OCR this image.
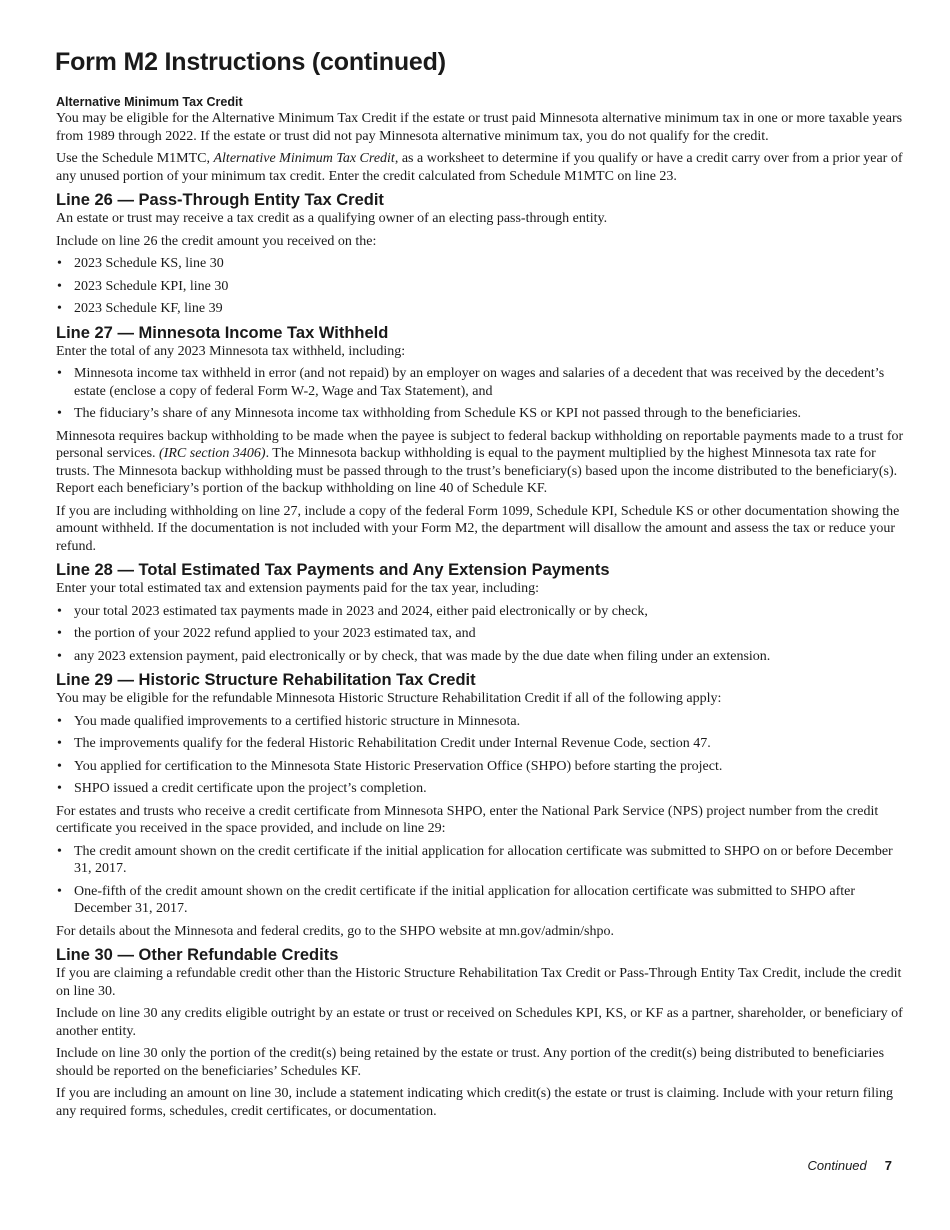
Form M2 Instructions (continued)
Alternative Minimum Tax Credit

You may be eligible for the Alternative Minimum Tax Credit if the estate or trust paid Minnesota alternative minimum tax in one or more taxable years from 1989 through 2022. If the estate or trust did not pay Minnesota alternative minimum tax, you do not qualify for the credit.

Use the Schedule M1MTC, Alternative Minimum Tax Credit, as a worksheet to determine if you qualify or have a credit carry over from a prior year of any unused portion of your minimum tax credit. Enter the credit calculated from Schedule M1MTC on line 23.

Line 26 — Pass-Through Entity Tax Credit

An estate or trust may receive a tax credit as a qualifying owner of an electing pass-through entity.

Include on line 26 the credit amount you received on the:

• 2023 Schedule KS, line 30
• 2023 Schedule KPI, line 30
• 2023 Schedule KF, line 39
Line 27 — Minnesota Income Tax Withheld

Enter the total of any 2023 Minnesota tax withheld, including:

• Minnesota income tax withheld in error (and not repaid) by an employer on wages and salaries of a decedent that was received by the decedent’s estate (enclose a copy of federal Form W-2, Wage and Tax Statement), and
• The fiduciary’s share of any Minnesota income tax withholding from Schedule KS or KPI not passed through to the beneficiaries.

Minnesota requires backup withholding to be made when the payee is subject to federal backup withholding on reportable payments made to a trust for personal services. (IRC section 3406). The Minnesota backup withholding is equal to the payment multiplied by the highest Minnesota tax rate for trusts. The Minnesota backup withholding must be passed through to the trust’s beneficiary(s) based upon the income distributed to the beneficiary(s). Report each beneficiary’s portion of the backup withholding on line 40 of Schedule KF.

If you are including withholding on line 27, include a copy of the federal Form 1099, Schedule KPI, Schedule KS or other documentation showing the amount withheld. If the documentation is not included with your Form M2, the department will disallow the amount and assess the tax or reduce your refund.

Line 28 — Total Estimated Tax Payments and Any Extension Payments

Enter your total estimated tax and extension payments paid for the tax year, including:

• your total 2023 estimated tax payments made in 2023 and 2024, either paid electronically or by check,
• the portion of your 2022 refund applied to your 2023 estimated tax, and
• any 2023 extension payment, paid electronically or by check, that was made by the due date when filing under an extension.
Line 29 — Historic Structure Rehabilitation Tax Credit

You may be eligible for the refundable Minnesota Historic Structure Rehabilitation Credit if all of the following apply:

• You made qualified improvements to a certified historic structure in Minnesota.
• The improvements qualify for the federal Historic Rehabilitation Credit under Internal Revenue Code, section 47.
• You applied for certification to the Minnesota State Historic Preservation Office (SHPO) before starting the project.
• SHPO issued a credit certificate upon the project’s completion.

For estates and trusts who receive a credit certificate from Minnesota SHPO, enter the National Park Service (NPS) project number from the credit certificate you received in the space provided, and include on line 29:

• The credit amount shown on the credit certificate if the initial application for allocation certificate was submitted to SHPO on or before December 31, 2017.
• One-fifth of the credit amount shown on the credit certificate if the initial application for allocation certificate was submitted to SHPO after December 31, 2017.

For details about the Minnesota and federal credits, go to the SHPO website at mn.gov/admin/shpo.

Line 30 — Other Refundable Credits

If you are claiming a refundable credit other than the Historic Structure Rehabilitation Tax Credit or Pass-Through Entity Tax Credit, include the credit on line 30.

Include on line 30 any credits eligible outright by an estate or trust or received on Schedules KPI, KS, or KF as a partner, shareholder, or beneficiary of another entity.

Include on line 30 only the portion of the credit(s) being retained by the estate or trust. Any portion of the credit(s) being distributed to beneficiaries should be reported on the beneficiaries’ Schedules KF.

If you are including an amount on line 30, include a statement indicating which credit(s) the estate or trust is claiming. Include with your return filing any required forms, schedules, credit certificates, or documentation.

Continued 7
